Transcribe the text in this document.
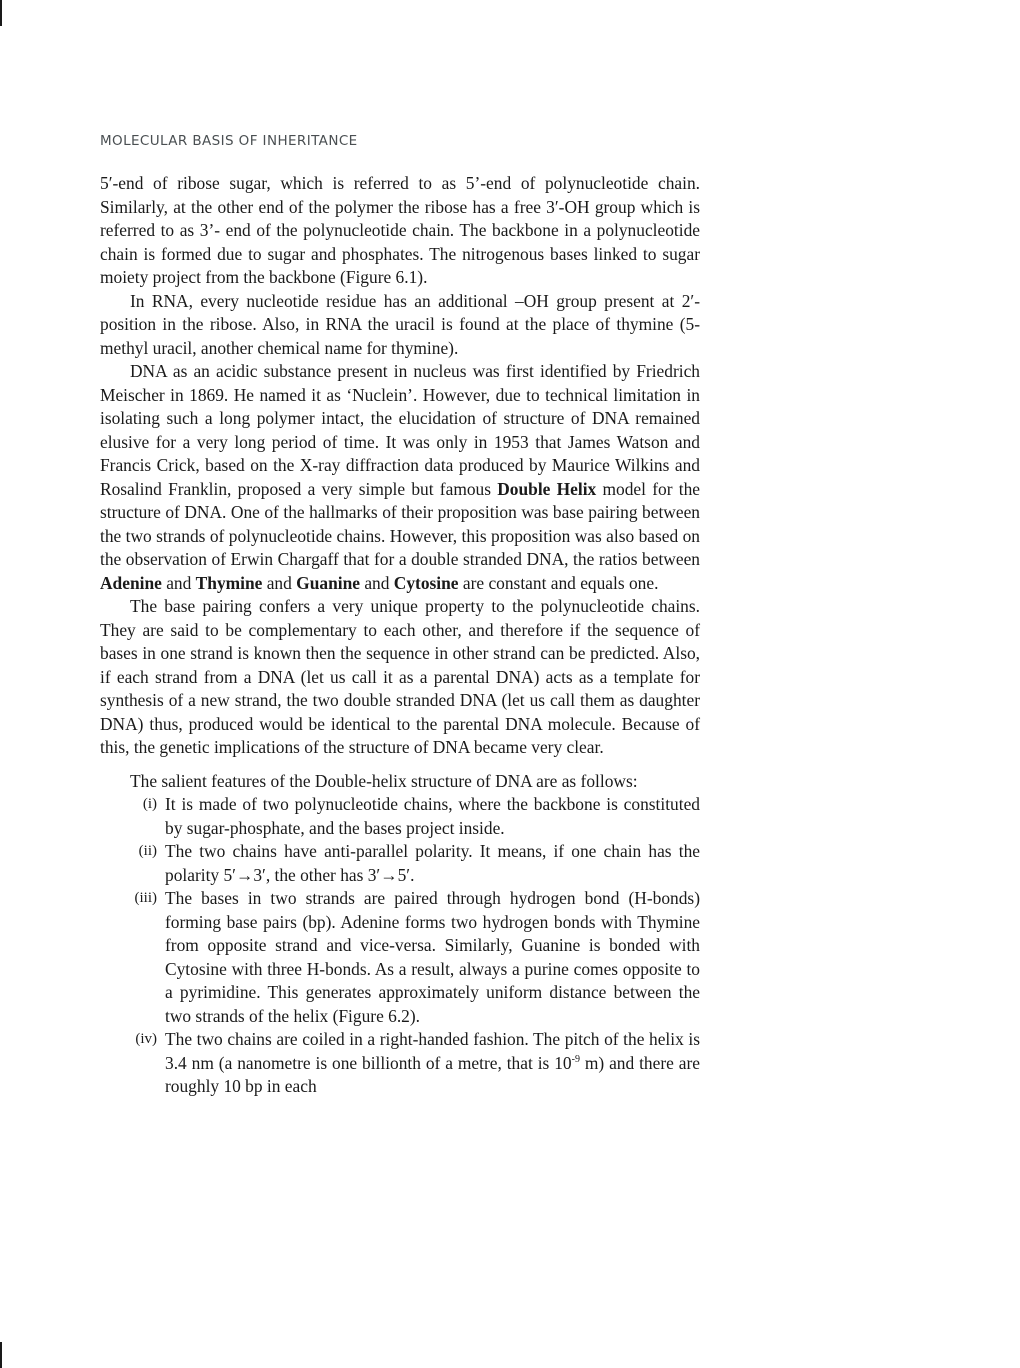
MOLECULAR BASIS OF INHERITANCE

5′-end of ribose sugar, which is referred to as 5’-end of polynucleotide chain. Similarly, at the other end of the polymer the ribose has a free 3′-OH group which is referred to as 3’- end of the polynucleotide chain. The backbone in a polynucleotide chain is formed due to sugar and phosphates. The nitrogenous bases linked to sugar moiety project from the backbone (Figure 6.1).

In RNA, every nucleotide residue has an additional –OH group present at 2′-position in the ribose. Also, in RNA the uracil is found at the place of thymine (5-methyl uracil, another chemical name for thymine).

DNA as an acidic substance present in nucleus was first identified by Friedrich Meischer in 1869. He named it as ‘Nuclein’. However, due to technical limitation in isolating such a long polymer intact, the elucidation of structure of DNA remained elusive for a very long period of time. It was only in 1953 that James Watson and Francis Crick, based on the X-ray diffraction data produced by Maurice Wilkins and Rosalind Franklin, proposed a very simple but famous Double Helix model for the structure of DNA. One of the hallmarks of their proposition was base pairing between the two strands of polynucleotide chains. However, this proposition was also based on the observation of Erwin Chargaff that for a double stranded DNA, the ratios between Adenine and Thymine and Guanine and Cytosine are constant and equals one.

The base pairing confers a very unique property to the polynucleotide chains. They are said to be complementary to each other, and therefore if the sequence of bases in one strand is known then the sequence in other strand can be predicted. Also, if each strand from a DNA (let us call it as a parental DNA) acts as a template for synthesis of a new strand, the two double stranded DNA (let us call them as daughter DNA) thus, produced would be identical to the parental DNA molecule. Because of this, the genetic implications of the structure of DNA became very clear.

The salient features of the Double-helix structure of DNA are as follows:

(i) It is made of two polynucleotide chains, where the backbone is constituted by sugar-phosphate, and the bases project inside.
(ii) The two chains have anti-parallel polarity. It means, if one chain has the polarity 5′→3′, the other has 3′→5′.
(iii) The bases in two strands are paired through hydrogen bond (H-bonds) forming base pairs (bp). Adenine forms two hydrogen bonds with Thymine from opposite strand and vice-versa. Similarly, Guanine is bonded with Cytosine with three H-bonds. As a result, always a purine comes opposite to a pyrimidine. This generates approximately uniform distance between the two strands of the helix (Figure 6.2).
(iv) The two chains are coiled in a right-handed fashion. The pitch of the helix is 3.4 nm (a nanometre is one billionth of a metre, that is $10^{-9}$ m) and there are roughly 10 bp in each
